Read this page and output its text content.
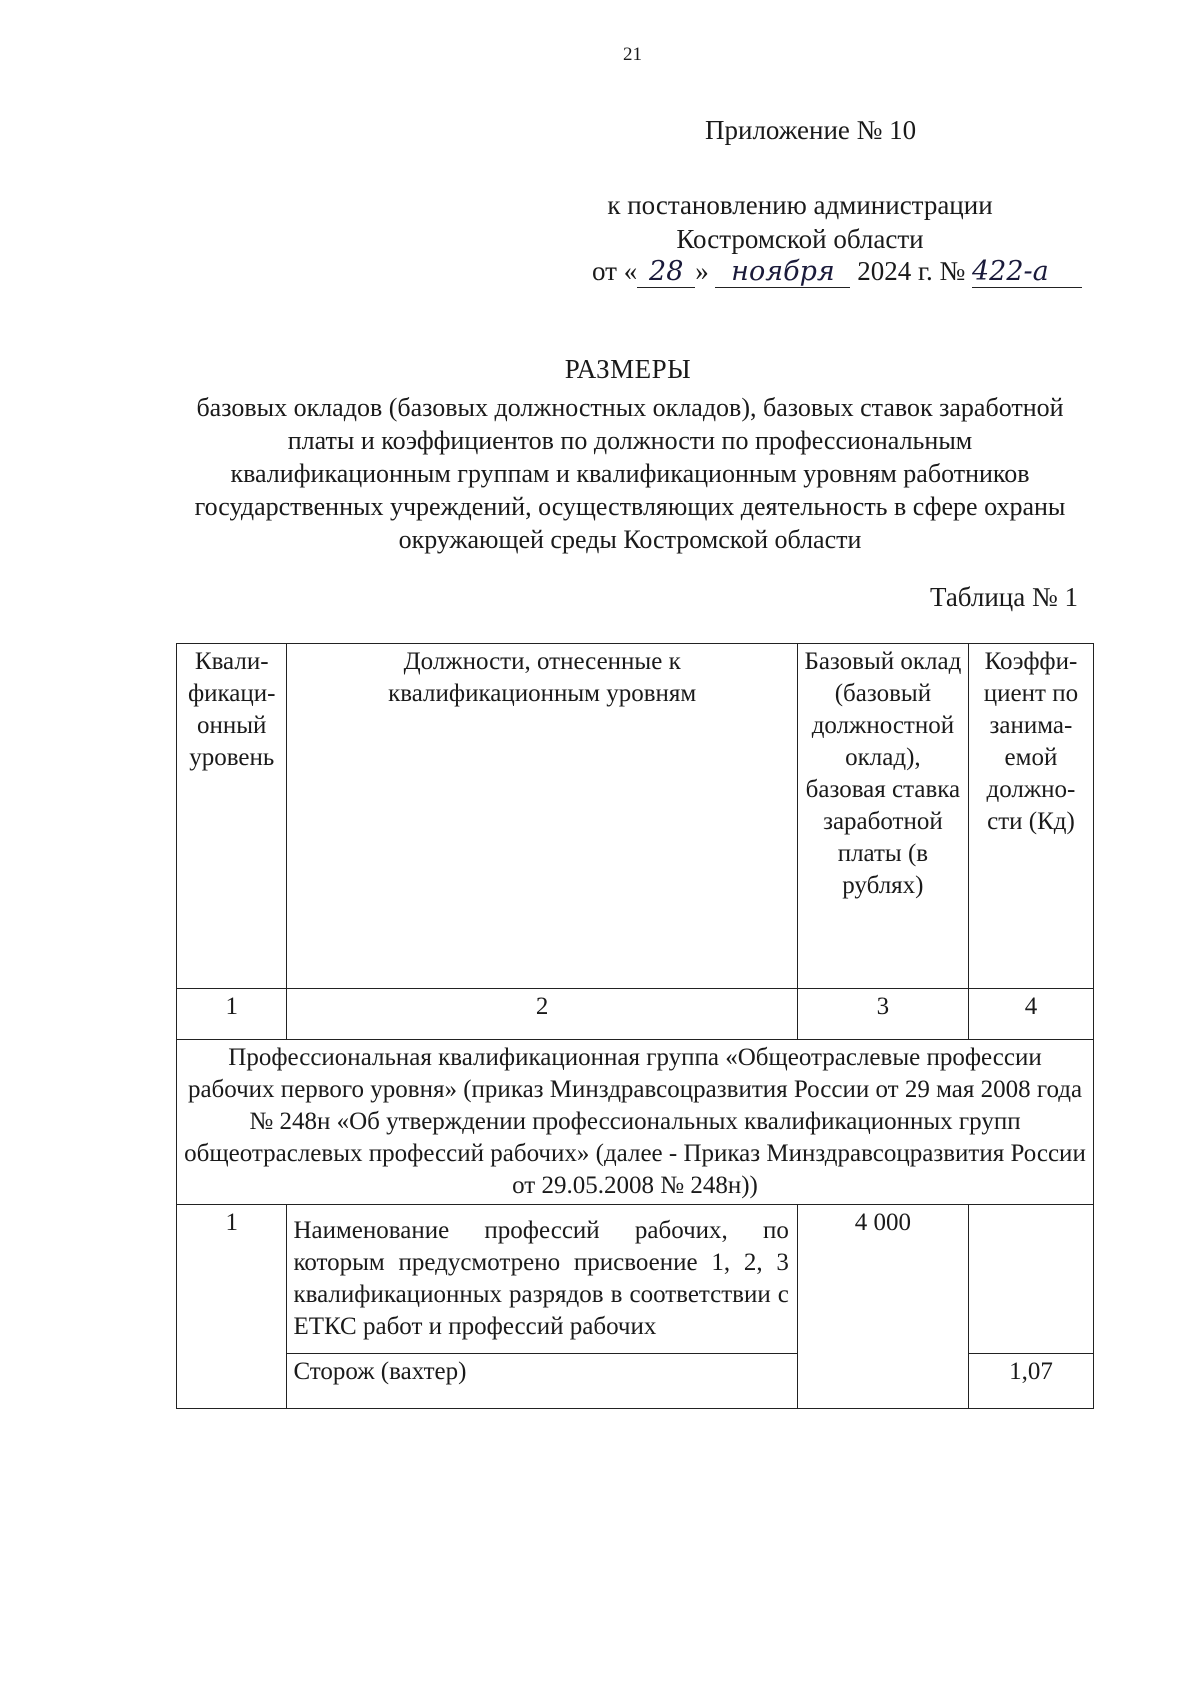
21
Приложение № 10
к постановлению администрации
Костромской области
от « 28 » ноября 2024 г. № 422-а
РАЗМЕРЫ
базовых окладов (базовых должностных окладов), базовых ставок заработной платы и коэффициентов по должности по профессиональным квалификационным группам и квалификационным уровням работников государственных учреждений, осуществляющих деятельность в сфере охраны окружающей среды Костромской области
Таблица № 1
Квали-фикаци-онный уровень	Должности, отнесенные к квалификационным уровням	Базовый оклад (базовый должностной оклад), базовая ставка заработной платы (в рублях)	Коэффи-циент по занима-емой должно-сти (Кд)
1	2	3	4
Профессиональная квалификационная группа «Общеотраслевые профессии рабочих первого уровня» (приказ Минздравсоцразвития России от 29 мая 2008 года № 248н «Об утверждении профессиональных квалификационных групп общеотраслевых профессий рабочих» (далее - Приказ Минздравсоцразвития России от 29.05.2008 № 248н))			
1	Наименование профессий рабочих, по которым предусмотрено присвоение 1, 2, 3 квалификационных разрядов в соответствии с ЕТКС работ и профессий рабочих	4 000	
	Сторож (вахтер)		1,07
